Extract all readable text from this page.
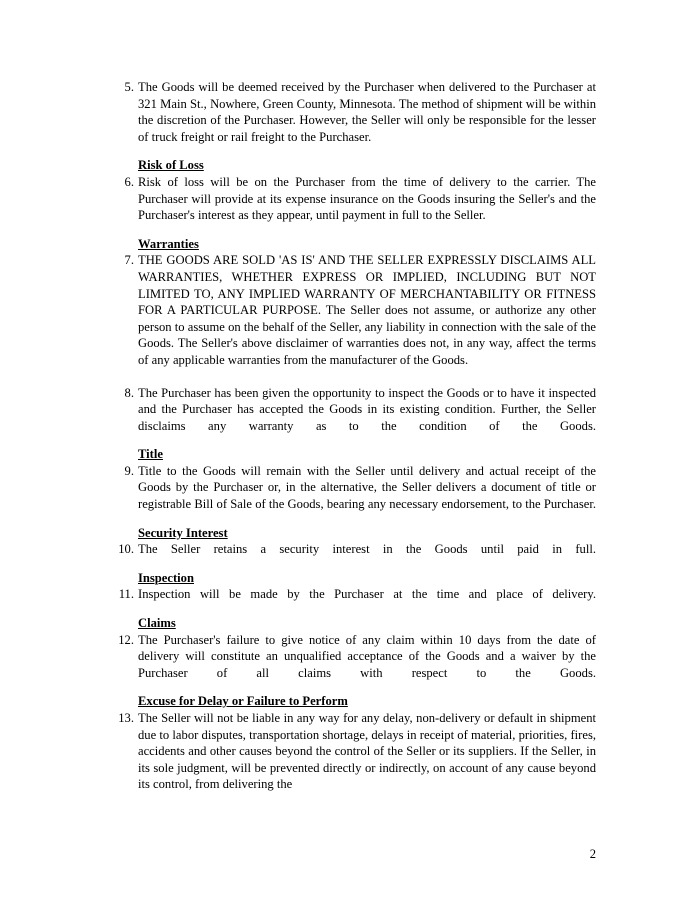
5. The Goods will be deemed received by the Purchaser when delivered to the Purchaser at 321 Main St., Nowhere, Green County, Minnesota. The method of shipment will be within the discretion of the Purchaser. However, the Seller will only be responsible for the lesser of truck freight or rail freight to the Purchaser.
Risk of Loss
6. Risk of loss will be on the Purchaser from the time of delivery to the carrier. The Purchaser will provide at its expense insurance on the Goods insuring the Seller's and the Purchaser's interest as they appear, until payment in full to the Seller.
Warranties
7. THE GOODS ARE SOLD 'AS IS' AND THE SELLER EXPRESSLY DISCLAIMS ALL WARRANTIES, WHETHER EXPRESS OR IMPLIED, INCLUDING BUT NOT LIMITED TO, ANY IMPLIED WARRANTY OF MERCHANTABILITY OR FITNESS FOR A PARTICULAR PURPOSE. The Seller does not assume, or authorize any other person to assume on the behalf of the Seller, any liability in connection with the sale of the Goods. The Seller's above disclaimer of warranties does not, in any way, affect the terms of any applicable warranties from the manufacturer of the Goods.
8. The Purchaser has been given the opportunity to inspect the Goods or to have it inspected and the Purchaser has accepted the Goods in its existing condition. Further, the Seller disclaims any warranty as to the condition of the Goods.
Title
9. Title to the Goods will remain with the Seller until delivery and actual receipt of the Goods by the Purchaser or, in the alternative, the Seller delivers a document of title or registrable Bill of Sale of the Goods, bearing any necessary endorsement, to the Purchaser.
Security Interest
10. The Seller retains a security interest in the Goods until paid in full.
Inspection
11. Inspection will be made by the Purchaser at the time and place of delivery.
Claims
12. The Purchaser's failure to give notice of any claim within 10 days from the date of delivery will constitute an unqualified acceptance of the Goods and a waiver by the Purchaser of all claims with respect to the Goods.
Excuse for Delay or Failure to Perform
13. The Seller will not be liable in any way for any delay, non-delivery or default in shipment due to labor disputes, transportation shortage, delays in receipt of material, priorities, fires, accidents and other causes beyond the control of the Seller or its suppliers. If the Seller, in its sole judgment, will be prevented directly or indirectly, on account of any cause beyond its control, from delivering the
2
